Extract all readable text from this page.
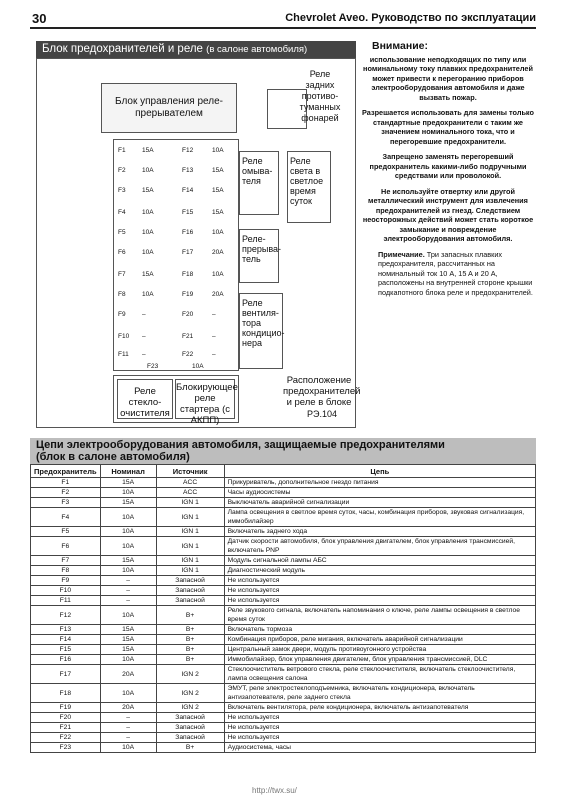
30	Chevrolet Aveo. Руководство по эксплуатации
Блок предохранителей и реле (в салоне автомобиля)
Блок управления реле-прерывателем
Реле задних противо-туманных фонарей
F1	15A	F12	10A
F2	10A	F13	15A
F3	15A	F14	15A
F4	10A	F15	15A
F5	10A	F16	10A
F6	10A	F17	20A
F7	15A	F18	10A
F8	10A	F19	20A
F9	–	F20	–
F10 –	F21	–
F11 –	F22	–
F23	10A
Реле омыва-теля
Реле света в светлое время суток
Реле-прерыва-тель
Реле вентиля-тора кондицио-нера
Реле стекло-очистителя
Блокирующее реле стартера (с АКПП)
Расположение предохранителей и реле в блоке
РЭ.104
Внимание:

использование неподходящих по типу или номинальному току плавких предохранителей может привести к перегоранию приборов электрооборудования автомобиля и даже вызвать пожар.

Разрешается использовать для замены только стандартные предохранители с таким же значением номинального тока, что и перегоревшие предохранители.

Запрещено заменять перегоревший предохранитель какими-либо подручными средствами или проволокой.

Не используйте отвертку или другой металлический инструмент для извлечения предохранителей из гнезд. Следствием неосторожных действий может стать короткое замыкание и повреждение электрооборудования автомобиля.

Примечание. Три запасных плавких предохранителя, рассчитанных на номинальный ток 10 A, 15 A и 20 A, расположены на внутренней стороне крышки подкапотного блока реле и предохранителей.

Цепи электрооборудования автомобиля, защищаемые предохранителями
(блок в салоне автомобиля)
Предохранитель	Номинал	Источник	Цепь
F1	15A	ACC	Прикуриватель, дополнительное гнездо питания
F2	10A	ACC	Часы аудиосистемы
F3	15A	IGN 1	Выключатель аварийной сигнализации
F4	10A	IGN 1	Лампа освещения в светлое время суток, часы, комбинация приборов, звуковая сигнализация, иммобилайзер
F5	10A	IGN 1	Включатель заднего хода
F6	10A	IGN 1	Датчик скорости автомобиля, блок управления двигателем, блок управления трансмиссией, включатель PNP
F7	15A	IGN 1	Модуль сигнальной лампы АБС
F8	10A	IGN 1	Диагностический модуль
F9	–	Запасной	Не используется
F10	–	Запасной	Не используется
F11	–	Запасной	Не используется
F12	10A	B+	Реле звукового сигнала, включатель напоминания о ключе, реле лампы освещения в светлое время суток
F13	15A	B+	Включатель тормоза
F14	15A	B+	Комбинация приборов, реле мигания, включатель аварийной сигнализации
F15	15A	B+	Центральный замок двери, модуль противоугонного устройства
F16	10A	B+	Иммобилайзер, блок управления двигателем, блок управления трансмиссией, DLC
F17	20A	IGN 2	Стеклоочиститель ветрового стекла, реле стеклоочистителя, включатель стеклоочистителя, лампа освещения салона
F18	10A	IGN 2	ЭМУТ, реле электростеклоподъемника, включатель кондиционера, включатель антизапотевателя, реле заднего стекла
F19	20A	IGN 2	Включатель вентилятора, реле кондиционера, включатель антизапотевателя
F20	–	Запасной	Не используется
F21	–	Запасной	Не используется
F22	–	Запасной	Не используется
F23	10A	B+	Аудиосистема, часы
http://twx.su/
